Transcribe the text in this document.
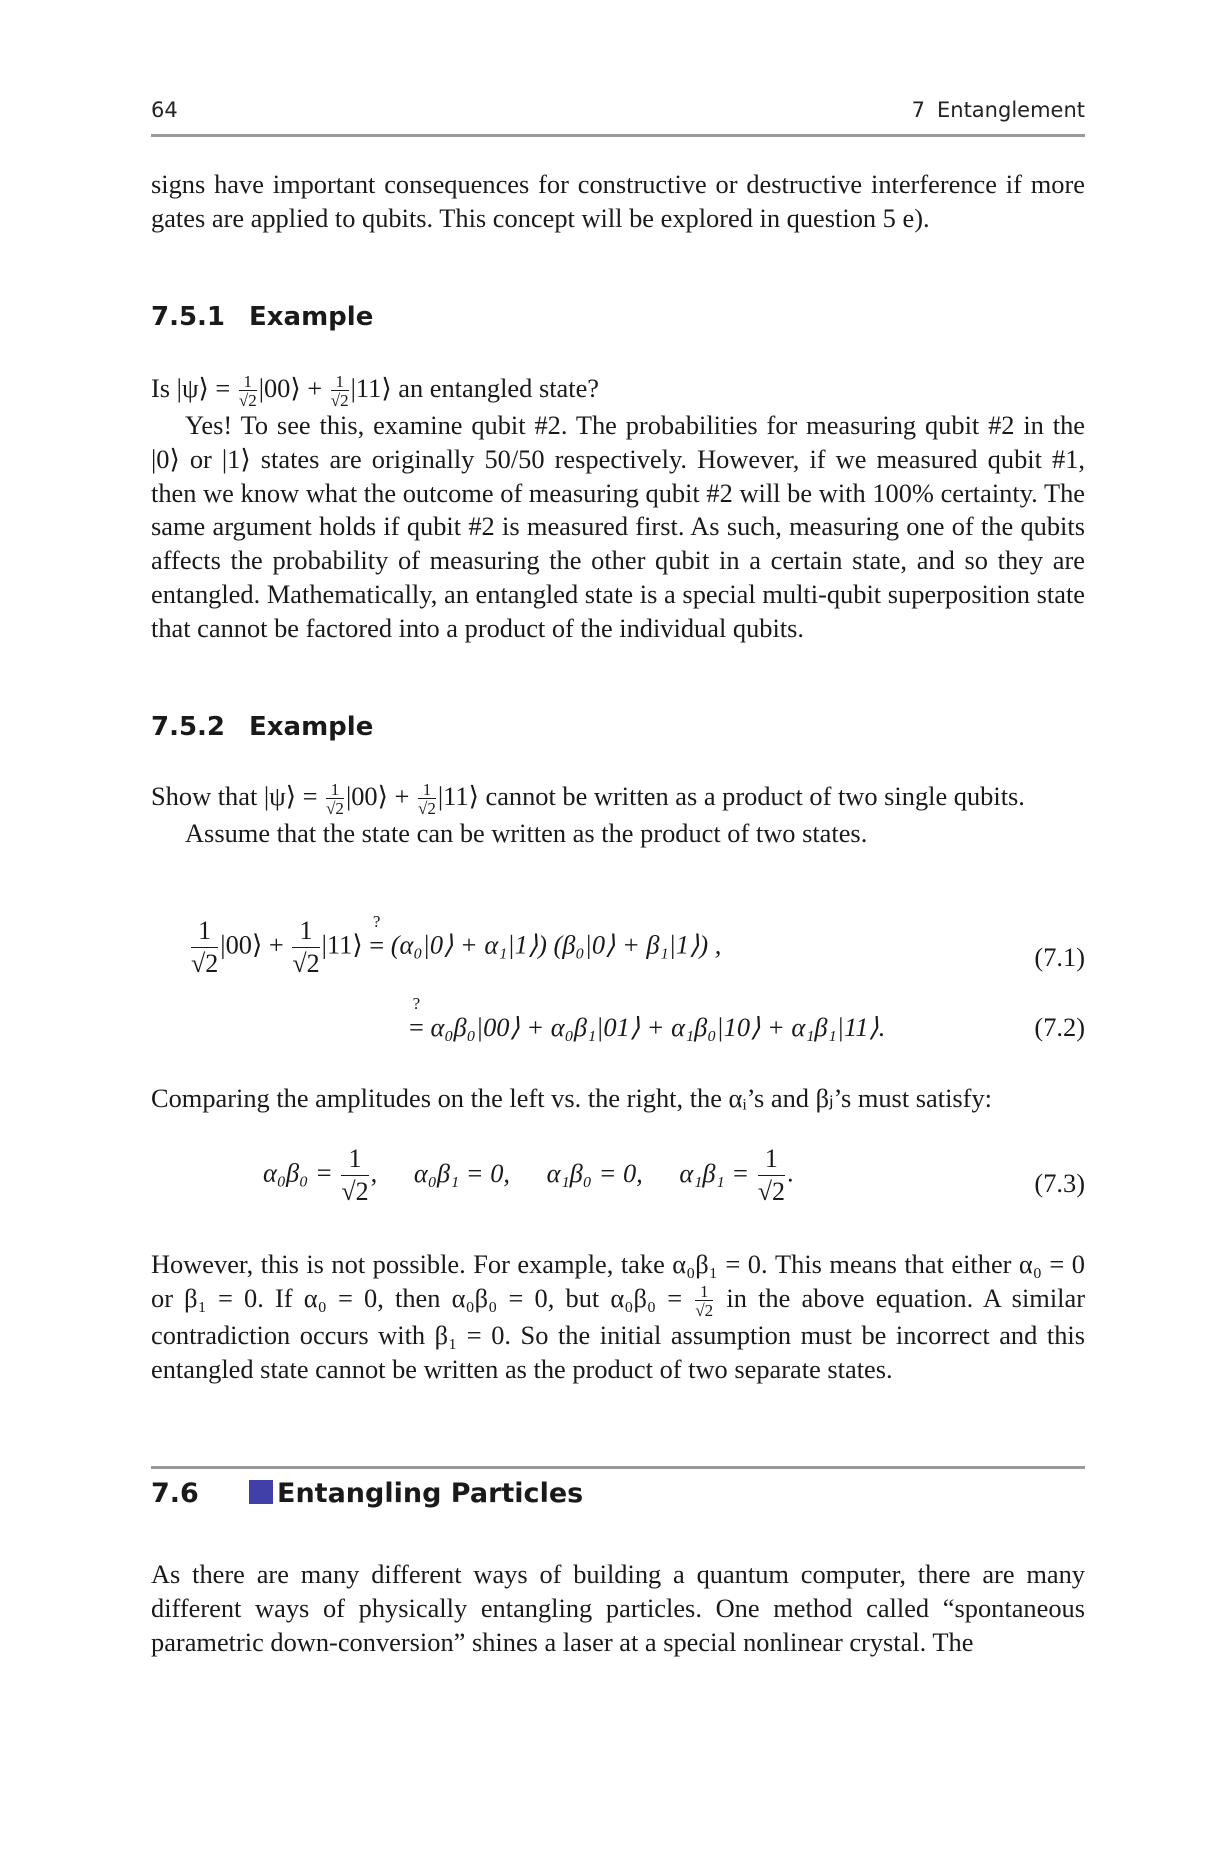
64	7 Entanglement

signs have important consequences for constructive or destructive interference if more gates are applied to qubits. This concept will be explored in question 5 e).

7.5.1 Example

Is |ψ⟩ = $\frac{1}{√2}$ |00⟩ + $\frac{1}{√2}$ |11⟩ an entangled state?

Yes! To see this, examine qubit #2. The probabilities for measuring qubit #2 in the |0⟩ or |1⟩ states are originally 50/50 respectively. However, if we measured qubit #1, then we know what the outcome of measuring qubit #2 will be with 100% certainty. The same argument holds if qubit #2 is measured first. As such, measuring one of the qubits affects the probability of measuring the other qubit in a certain state, and so they are entangled. Mathematically, an entangled state is a special multi-qubit superposition state that cannot be factored into a product of the individual qubits.

7.5.2 Example

Show that |ψ⟩ = $\frac{1}{√2}$ |00⟩ + $\frac{1}{√2}$ |11⟩ cannot be written as a product of two single qubits.

Assume that the state can be written as the product of two states.

$\frac{1}{√2}$ |00⟩ + $\frac{1}{√2}$ |11⟩
?
= (α₀|0⟩ + α₁|1⟩) (β₀|0⟩ + β₁|1⟩) ,	(7.1)
?
= α₀β₀|00⟩ + α₀β₁|01⟩ + α₁β₀|10⟩ + α₁β₁|11⟩.	(7.2)

Comparing the amplitudes on the left vs. the right, the αᵢ’s and βⱼ’s must satisfy:

$\alpha_0\beta_0 = \frac{1}{√2}$ , α₀β₁ = 0, α₁β₀ = 0, $\alpha_1\beta_1 = \frac{1}{√2}$ .	(7.3)

However, this is not possible. For example, take α₀β₁ = 0. This means that either α₀ = 0 or β₁ = 0. If α₀ = 0, then α₀β₀ = 0, but $\alpha_0\beta_0 = \frac{1}{√2}$ in the above equation. A similar contradiction occurs with β₁ = 0. So the initial assumption must be incorrect and this entangled state cannot be written as the product of two separate states.

7.6	Entangling Particles

As there are many different ways of building a quantum computer, there are many different ways of physically entangling particles. One method called “spontaneous parametric down-conversion” shines a laser at a special nonlinear crystal. The
